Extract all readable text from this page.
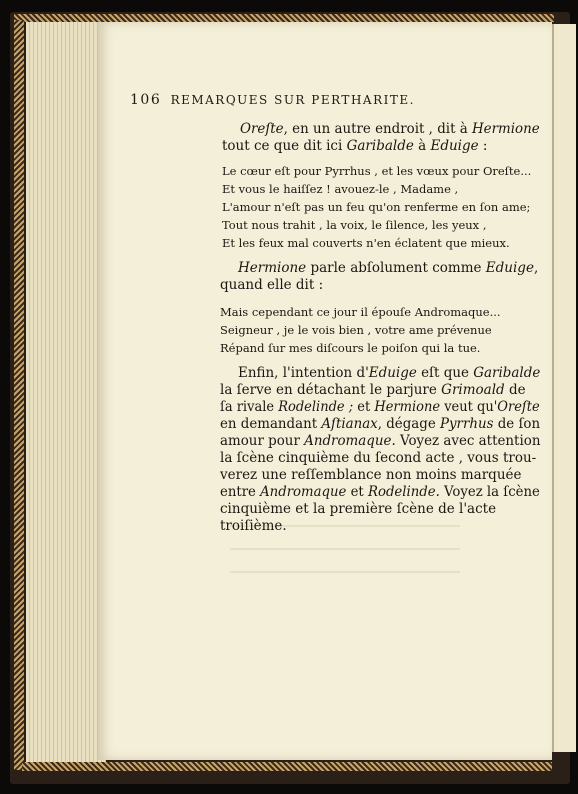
106 REMARQUES SUR PERTHARITE.
Oreſte, en un autre endroit , dit à Hermione
tout ce que dit ici Garibalde à Eduige :
Le cœur eſt pour Pyrrhus , et les vœux pour Oreſte...
Et vous le haiſſez ! avouez-le , Madame ,
L'amour n'eſt pas un feu qu'on renferme en ſon ame;
Tout nous trahit , la voix, le ſilence, les yeux ,
Et les feux mal couverts n'en éclatent que mieux.
Hermione parle abſolument comme Eduige,
quand elle dit :
Mais cependant ce jour il épouſe Andromaque...
Seigneur , je le vois bien , votre ame prévenue
Répand ſur mes diſcours le poiſon qui la tue.
Enfin, l'intention d'Eduige eſt que Garibalde
la ſerve en détachant le parjure Grimoald de
ſa rivale Rodelinde ; et Hermione veut qu'Oreſte
en demandant Aſtianax, dégage Pyrrhus de ſon
amour pour Andromaque. Voyez avec attention
la ſcène cinquième du ſecond acte , vous trou-
verez une reſſemblance non moins marquée
entre Andromaque et Rodelinde. Voyez la ſcène
cinquième et la première ſcène de l'acte
troiſième.
